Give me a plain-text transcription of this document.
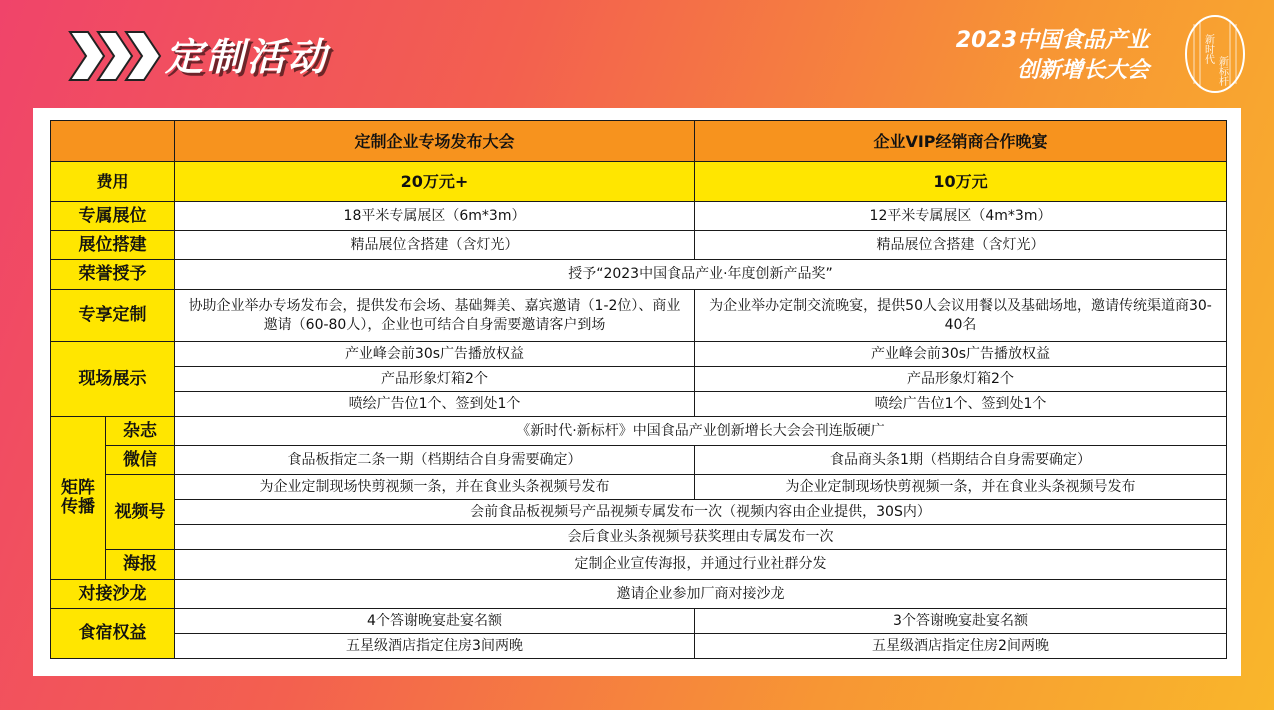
定制活动	2023中国食品产业
创新增长大会
新时代
新标杆
		定制企业专场发布大会	企业VIP经销商合作晚宴
费用		20万元+	10万元
专属展位		18平米专属展区（6m*3m）	12平米专属展区（4m*3m）
展位搭建		精品展位含搭建（含灯光）	精品展位含搭建（含灯光）
荣誉授予		授予“2023中国食品产业·年度创新产品奖”	
专享定制		协助企业举办专场发布会，提供发布会场、基础舞美、嘉宾邀请（1-2位）、商业邀请（60-80人），企业也可结合自身需要邀请客户到场	为企业举办定制交流晚宴，提供50人会议用餐以及基础场地，邀请传统渠道商30-40名
现场展示		产业峰会前30s广告播放权益	产业峰会前30s广告播放权益
		产品形象灯箱2个	产品形象灯箱2个
		喷绘广告位1个、签到处1个	喷绘广告位1个、签到处1个
矩阵传播	杂志	《新时代·新标杆》中国食品产业创新增长大会会刊连版硬广	
	微信	食品板指定二条一期（档期结合自身需要确定）	食品商头条1期（档期结合自身需要确定）
	视频号	为企业定制现场快剪视频一条，并在食业头条视频号发布	为企业定制现场快剪视频一条，并在食业头条视频号发布
		会前食品板视频号产品视频专属发布一次（视频内容由企业提供，30S内）	
		会后食业头条视频号获奖理由专属发布一次	
	海报	定制企业宣传海报，并通过行业社群分发	
对接沙龙		邀请企业参加厂商对接沙龙	
食宿权益		4个答谢晚宴赴宴名额	3个答谢晚宴赴宴名额
		五星级酒店指定住房3间两晚	五星级酒店指定住房2间两晚
